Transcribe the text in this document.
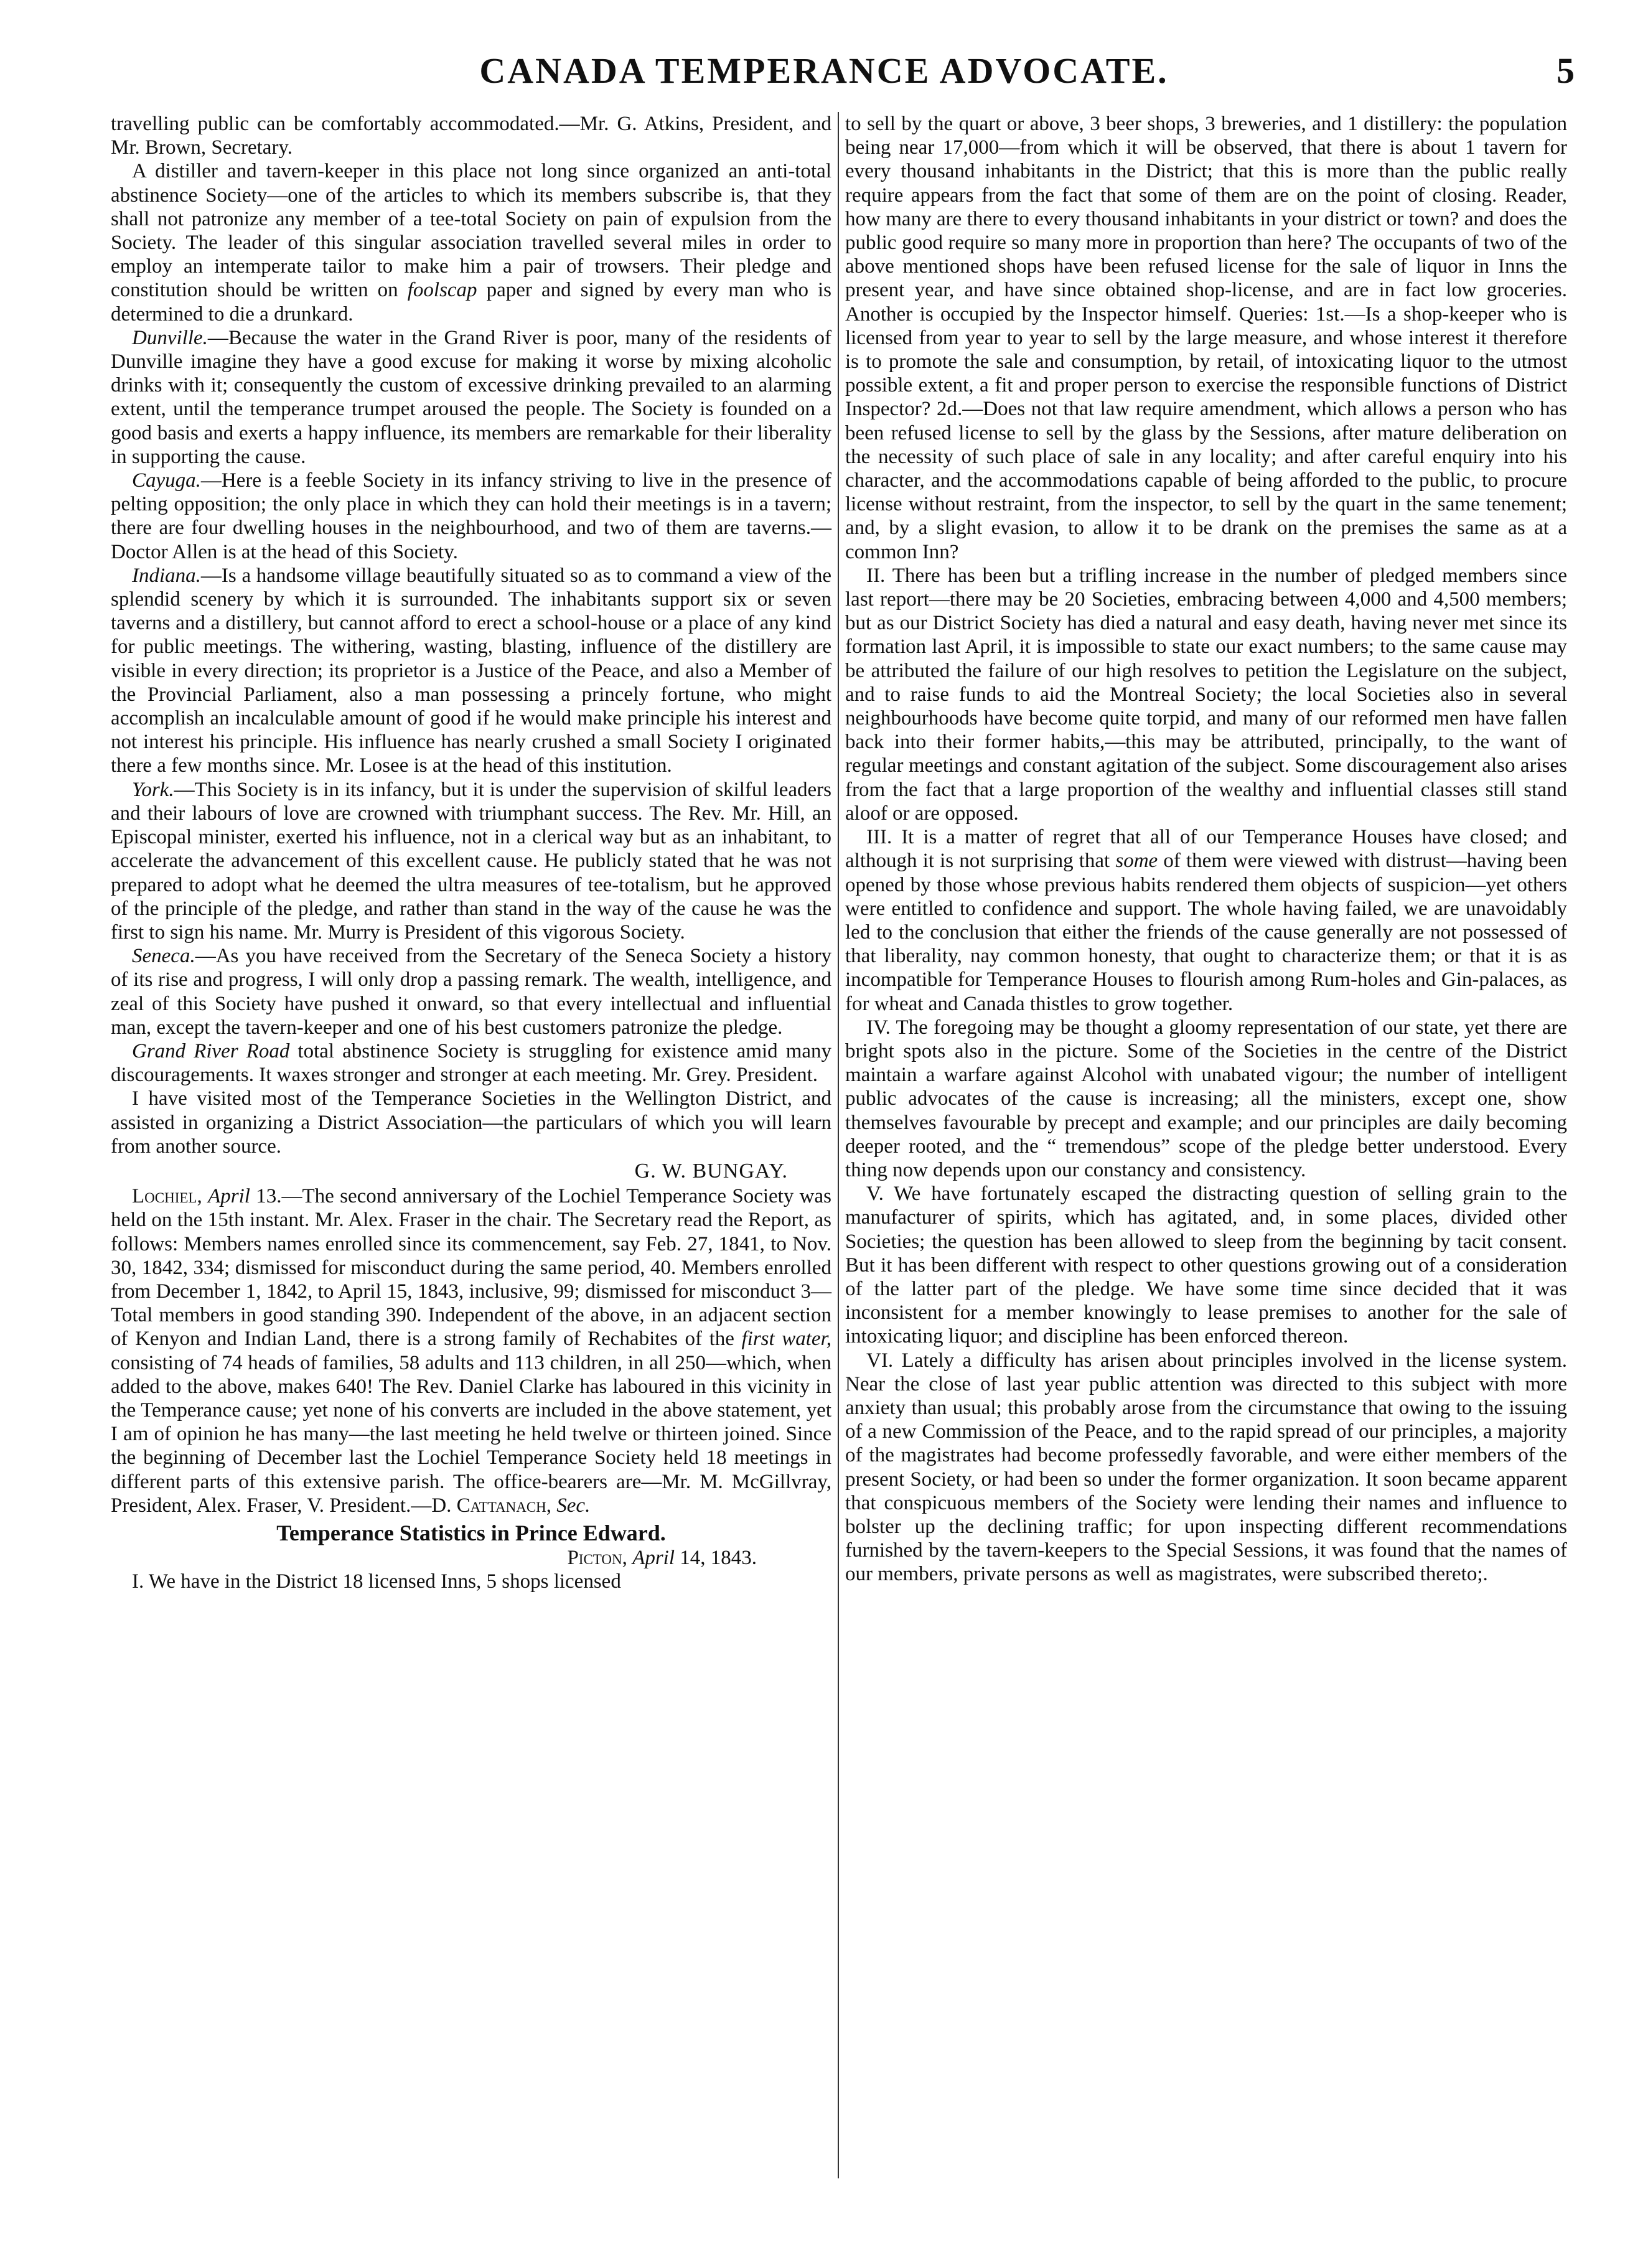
CANADA TEMPERANCE ADVOCATE.	5

travelling public can be comfortably accommodated.—Mr. G. Atkins, President, and Mr. Brown, Secretary.

A distiller and tavern-keeper in this place not long since organized an anti-total abstinence Society—one of the articles to which its members subscribe is, that they shall not patronize any member of a tee-total Society on pain of expulsion from the Society. The leader of this singular association travelled several miles in order to employ an intemperate tailor to make him a pair of trowsers. Their pledge and constitution should be written on foolscap paper and signed by every man who is determined to die a drunkard.

Dunville.—Because the water in the Grand River is poor, many of the residents of Dunville imagine they have a good excuse for making it worse by mixing alcoholic drinks with it; consequently the custom of excessive drinking prevailed to an alarming extent, until the temperance trumpet aroused the people. The Society is founded on a good basis and exerts a happy influence, its members are remarkable for their liberality in supporting the cause.

Cayuga.—Here is a feeble Society in its infancy striving to live in the presence of pelting opposition; the only place in which they can hold their meetings is in a tavern; there are four dwelling houses in the neighbourhood, and two of them are taverns.—Doctor Allen is at the head of this Society.

Indiana.—Is a handsome village beautifully situated so as to command a view of the splendid scenery by which it is surrounded. The inhabitants support six or seven taverns and a distillery, but cannot afford to erect a school-house or a place of any kind for public meetings. The withering, wasting, blasting, influence of the distillery are visible in every direction; its proprietor is a Justice of the Peace, and also a Member of the Provincial Parliament, also a man possessing a princely fortune, who might accomplish an incalculable amount of good if he would make principle his interest and not interest his principle. His influence has nearly crushed a small Society I originated there a few months since. Mr. Losee is at the head of this institution.

York.—This Society is in its infancy, but it is under the supervision of skilful leaders and their labours of love are crowned with triumphant success. The Rev. Mr. Hill, an Episcopal minister, exerted his influence, not in a clerical way but as an inhabitant, to accelerate the advancement of this excellent cause. He publicly stated that he was not prepared to adopt what he deemed the ultra measures of tee-totalism, but he approved of the principle of the pledge, and rather than stand in the way of the cause he was the first to sign his name. Mr. Murry is President of this vigorous Society.

Seneca.—As you have received from the Secretary of the Seneca Society a history of its rise and progress, I will only drop a passing remark. The wealth, intelligence, and zeal of this Society have pushed it onward, so that every intellectual and influential man, except the tavern-keeper and one of his best customers patronize the pledge.

Grand River Road total abstinence Society is struggling for existence amid many discouragements. It waxes stronger and stronger at each meeting. Mr. Grey. President.

I have visited most of the Temperance Societies in the Wellington District, and assisted in organizing a District Association—the particulars of which you will learn from another source.

G. W. BUNGAY.

Lochiel, April 13.—The second anniversary of the Lochiel Temperance Society was held on the 15th instant. Mr. Alex. Fraser in the chair. The Secretary read the Report, as follows: Members names enrolled since its commencement, say Feb. 27, 1841, to Nov. 30, 1842, 334; dismissed for misconduct during the same period, 40. Members enrolled from December 1, 1842, to April 15, 1843, inclusive, 99; dismissed for misconduct 3—Total members in good standing 390. Independent of the above, in an adjacent section of Kenyon and Indian Land, there is a strong family of Rechabites of the first water, consisting of 74 heads of families, 58 adults and 113 children, in all 250—which, when added to the above, makes 640! The Rev. Daniel Clarke has laboured in this vicinity in the Temperance cause; yet none of his converts are included in the above statement, yet I am of opinion he has many—the last meeting he held twelve or thirteen joined. Since the beginning of December last the Lochiel Temperance Society held 18 meetings in different parts of this extensive parish. The office-bearers are—Mr. M. McGillvray, President, Alex. Fraser, V. President.—D. Cattanach, Sec.

Temperance Statistics in Prince Edward.

Picton, April 14, 1843.

I. We have in the District 18 licensed Inns, 5 shops licensed

to sell by the quart or above, 3 beer shops, 3 breweries, and 1 distillery: the population being near 17,000—from which it will be observed, that there is about 1 tavern for every thousand inhabitants in the District; that this is more than the public really require appears from the fact that some of them are on the point of closing. Reader, how many are there to every thousand inhabitants in your district or town? and does the public good require so many more in proportion than here? The occupants of two of the above mentioned shops have been refused license for the sale of liquor in Inns the present year, and have since obtained shop-license, and are in fact low groceries. Another is occupied by the Inspector himself. Queries: 1st.—Is a shop-keeper who is licensed from year to year to sell by the large measure, and whose interest it therefore is to promote the sale and consumption, by retail, of intoxicating liquor to the utmost possible extent, a fit and proper person to exercise the responsible functions of District Inspector? 2d.—Does not that law require amendment, which allows a person who has been refused license to sell by the glass by the Sessions, after mature deliberation on the necessity of such place of sale in any locality; and after careful enquiry into his character, and the accommodations capable of being afforded to the public, to procure license without restraint, from the inspector, to sell by the quart in the same tenement; and, by a slight evasion, to allow it to be drank on the premises the same as at a common Inn?

II. There has been but a trifling increase in the number of pledged members since last report—there may be 20 Societies, embracing between 4,000 and 4,500 members; but as our District Society has died a natural and easy death, having never met since its formation last April, it is impossible to state our exact numbers; to the same cause may be attributed the failure of our high resolves to petition the Legislature on the subject, and to raise funds to aid the Montreal Society; the local Societies also in several neighbourhoods have become quite torpid, and many of our reformed men have fallen back into their former habits,—this may be attributed, principally, to the want of regular meetings and constant agitation of the subject. Some discouragement also arises from the fact that a large proportion of the wealthy and influential classes still stand aloof or are opposed.

III. It is a matter of regret that all of our Temperance Houses have closed; and although it is not surprising that some of them were viewed with distrust—having been opened by those whose previous habits rendered them objects of suspicion—yet others were entitled to confidence and support. The whole having failed, we are unavoidably led to the conclusion that either the friends of the cause generally are not possessed of that liberality, nay common honesty, that ought to characterize them; or that it is as incompatible for Temperance Houses to flourish among Rum-holes and Gin-palaces, as for wheat and Canada thistles to grow together.

IV. The foregoing may be thought a gloomy representation of our state, yet there are bright spots also in the picture. Some of the Societies in the centre of the District maintain a warfare against Alcohol with unabated vigour; the number of intelligent public advocates of the cause is increasing; all the ministers, except one, show themselves favourable by precept and example; and our principles are daily becoming deeper rooted, and the “ tremendous” scope of the pledge better understood. Every thing now depends upon our constancy and consistency.

V. We have fortunately escaped the distracting question of selling grain to the manufacturer of spirits, which has agitated, and, in some places, divided other Societies; the question has been allowed to sleep from the beginning by tacit consent. But it has been different with respect to other questions growing out of a consideration of the latter part of the pledge. We have some time since decided that it was inconsistent for a member knowingly to lease premises to another for the sale of intoxicating liquor; and discipline has been enforced thereon.

VI. Lately a difficulty has arisen about principles involved in the license system. Near the close of last year public attention was directed to this subject with more anxiety than usual; this probably arose from the circumstance that owing to the issuing of a new Commission of the Peace, and to the rapid spread of our principles, a majority of the magistrates had become professedly favorable, and were either members of the present Society, or had been so under the former organization. It soon became apparent that conspicuous members of the Society were lending their names and influence to bolster up the declining traffic; for upon inspecting different recommendations furnished by the tavern-keepers to the Special Sessions, it was found that the names of our members, private persons as well as magistrates, were subscribed thereto;.
